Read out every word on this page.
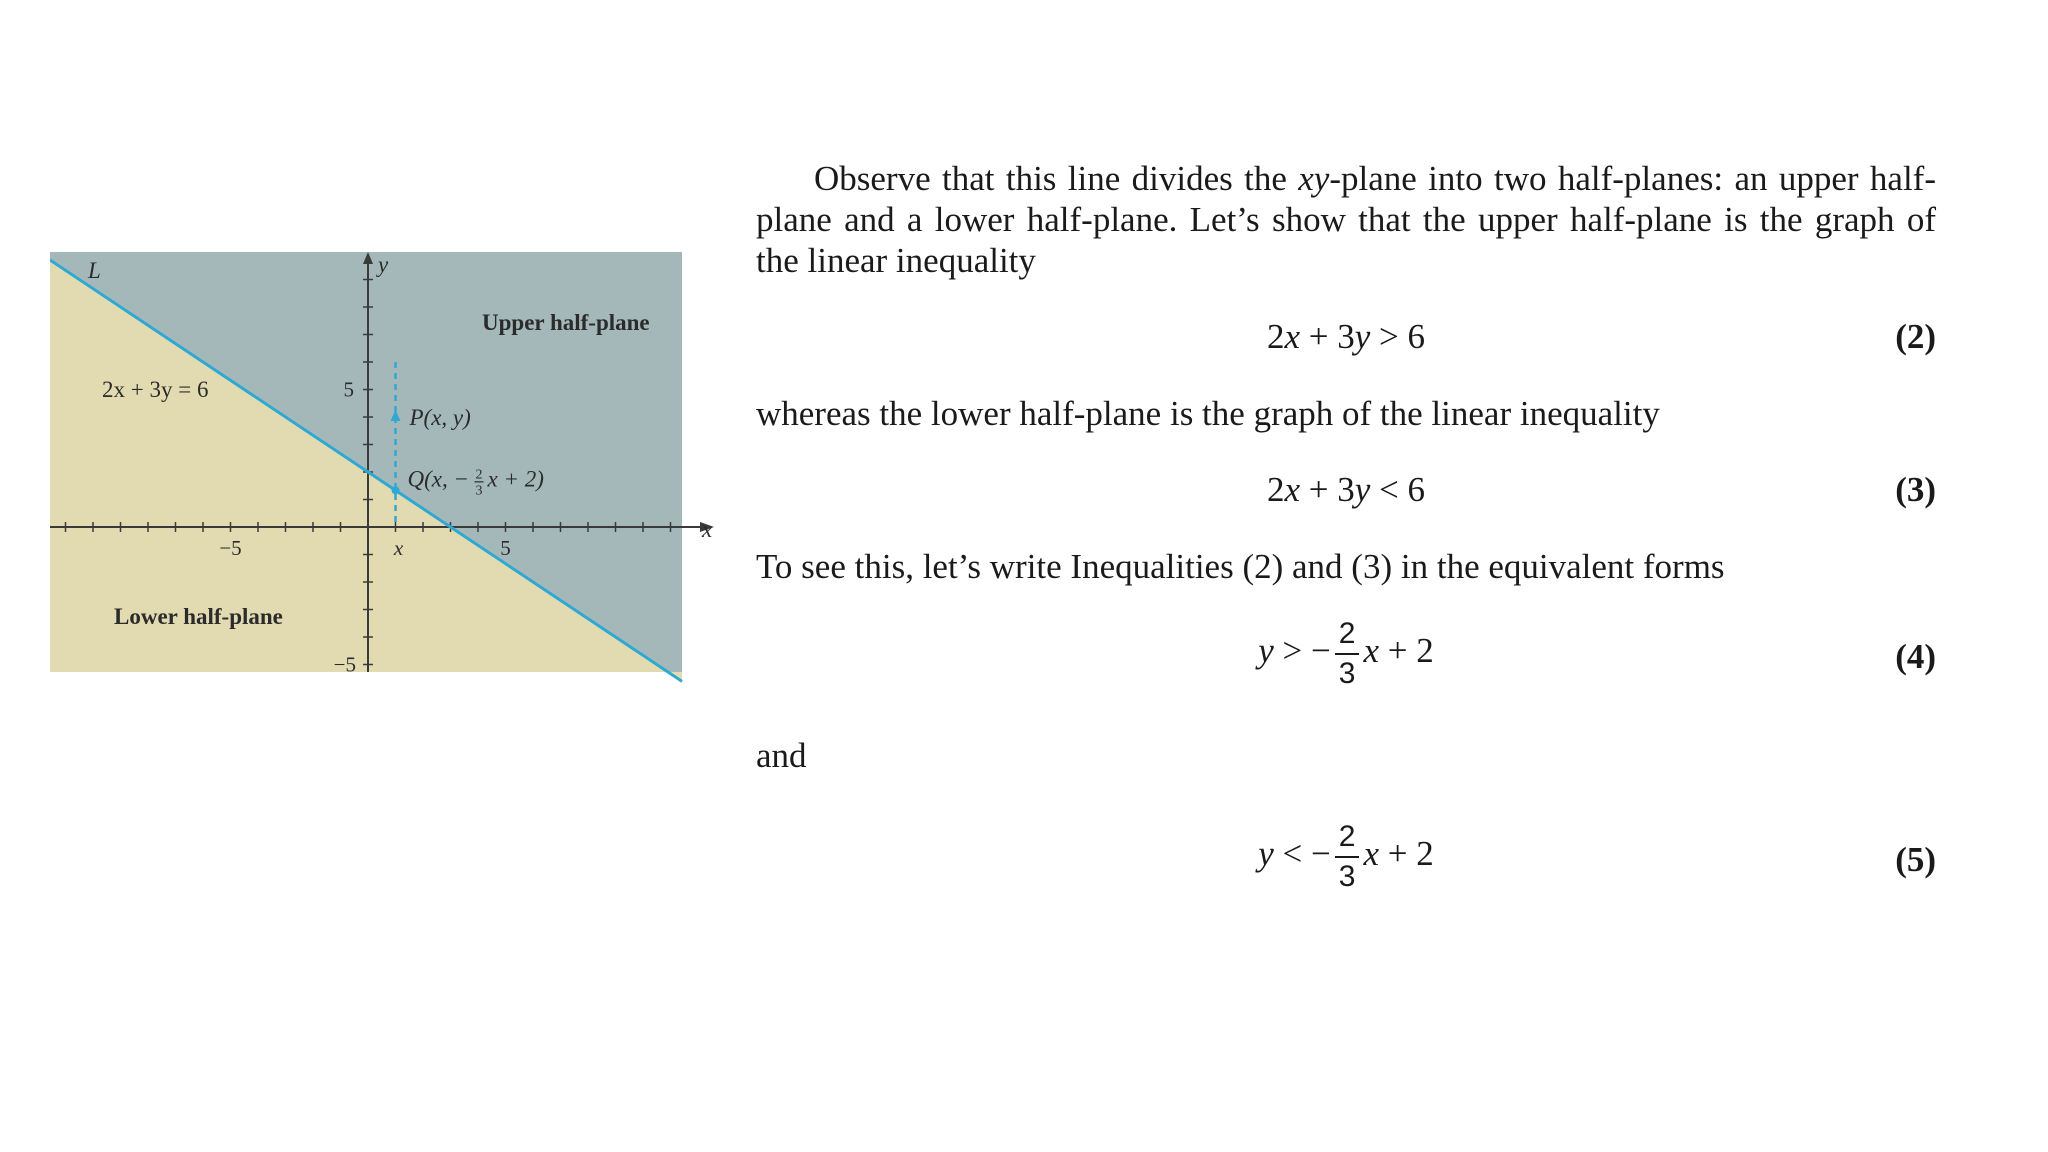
L
2x + 3y = 6
Upper half-plane
Lower half-plane
P(x, y)
Q(x, − 2
3 x + 2)
x
y
x
−5	5
5
−5

Observe that this line divides the xy-plane into two half-planes: an upper half-plane and a lower half-plane. Let’s show that the upper half-plane is the graph of the linear inequality

2x + 3y > 6	(2)

whereas the lower half-plane is the graph of the linear inequality

2x + 3y < 6	(3)

To see this, let’s write Inequalities (2) and (3) in the equivalent forms

y > − $\frac{2}{3}$ x + 2	(4)

and

y < − $\frac{2}{3}$ x + 2	(5)
